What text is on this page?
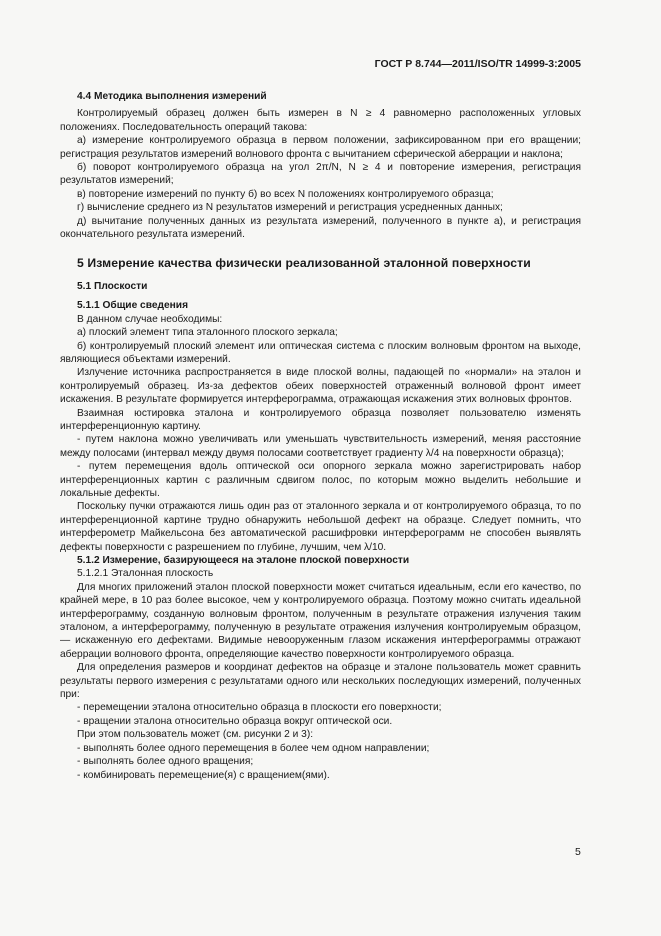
ГОСТ Р 8.744—2011/ISO/TR 14999-3:2005

4.4 Методика выполнения измерений

Контролируемый образец должен быть измерен в N ≥ 4 равномерно расположенных угловых положениях. Последовательность операций такова:

а) измерение контролируемого образца в первом положении, зафиксированном при его вращении; регистрация результатов измерений волнового фронта с вычитанием сферической аберрации и наклона;

б) поворот контролируемого образца на угол 2π/N, N ≥ 4 и повторение измерения, регистрация результатов измерений;

в) повторение измерений по пункту б) во всех N положениях контролируемого образца;

г) вычисление среднего из N результатов измерений и регистрация усредненных данных;

д) вычитание полученных данных из результата измерений, полученного в пункте а), и регистрация окончательного результата измерений.

5 Измерение качества физически реализованной эталонной поверхности

5.1 Плоскости

5.1.1 Общие сведения

В данном случае необходимы:

а) плоский элемент типа эталонного плоского зеркала;

б) контролируемый плоский элемент или оптическая система с плоским волновым фронтом на выходе, являющиеся объектами измерений.

Излучение источника распространяется в виде плоской волны, падающей по «нормали» на эталон и контролируемый образец. Из-за дефектов обеих поверхностей отраженный волновой фронт имеет искажения. В результате формируется интерферограмма, отражающая искажения этих волновых фронтов.

Взаимная юстировка эталона и контролируемого образца позволяет пользователю изменять интерференционную картину.

- путем наклона можно увеличивать или уменьшать чувствительность измерений, меняя расстояние между полосами (интервал между двумя полосами соответствует градиенту λ/4 на поверхности образца);

- путем перемещения вдоль оптической оси опорного зеркала можно зарегистрировать набор интерференционных картин с различным сдвигом полос, по которым можно выделить небольшие и локальные дефекты.

Поскольку пучки отражаются лишь один раз от эталонного зеркала и от контролируемого образца, то по интерференционной картине трудно обнаружить небольшой дефект на образце. Следует помнить, что интерферометр Майкельсона без автоматической расшифровки интерферограмм не способен выявлять дефекты поверхности с разрешением по глубине, лучшим, чем λ/10.

5.1.2 Измерение, базирующееся на эталоне плоской поверхности

5.1.2.1 Эталонная плоскость

Для многих приложений эталон плоской поверхности может считаться идеальным, если его качество, по крайней мере, в 10 раз более высокое, чем у контролируемого образца. Поэтому можно считать идеальной интерферограмму, созданную волновым фронтом, полученным в результате отражения излучения таким эталоном, а интерферограмму, полученную в результате отражения излучения контролируемым образцом, — искаженную его дефектами. Видимые невооруженным глазом искажения интерферограммы отражают аберрации волнового фронта, определяющие качество поверхности контролируемого образца.

Для определения размеров и координат дефектов на образце и эталоне пользователь может сравнить результаты первого измерения с результатами одного или нескольких последующих измерений, полученных при:

- перемещении эталона относительно образца в плоскости его поверхности;

- вращении эталона относительно образца вокруг оптической оси.

При этом пользователь может (см. рисунки 2 и 3):

- выполнять более одного перемещения в более чем одном направлении;

- выполнять более одного вращения;

- комбинировать перемещение(я) с вращением(ями).

5
